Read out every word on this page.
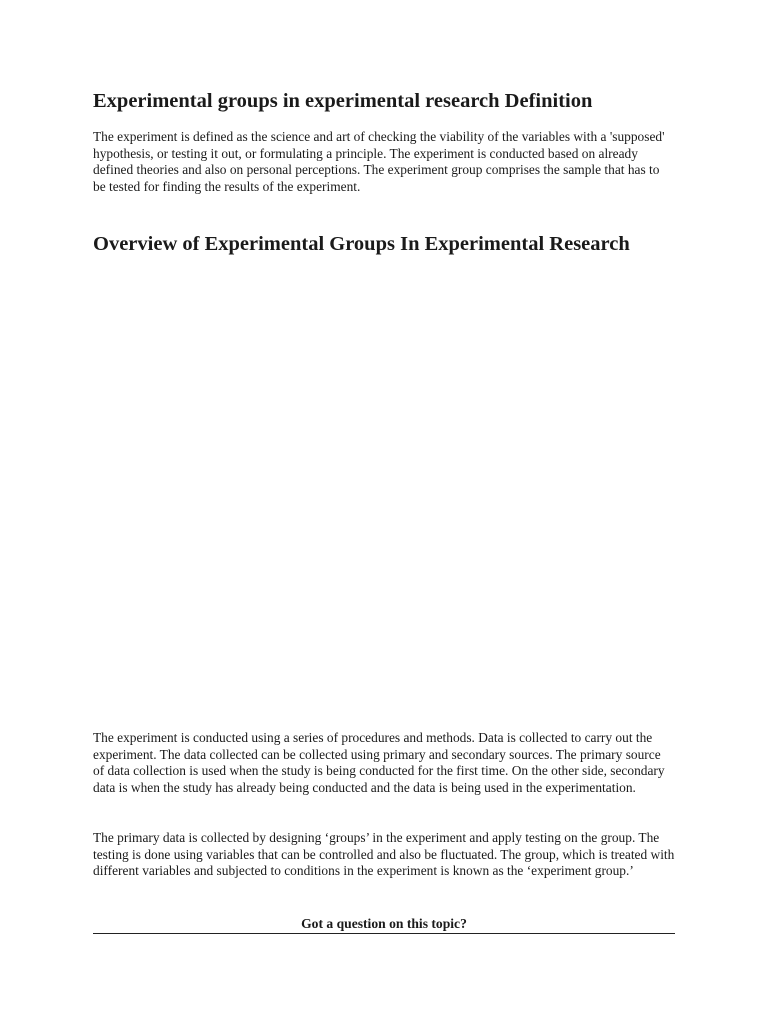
Experimental groups in experimental research Definition

The experiment is defined as the science and art of checking the viability of the variables with a 'supposed' hypothesis, or testing it out, or formulating a principle. The experiment is conducted based on already defined theories and also on personal perceptions. The experiment group comprises the sample that has to be tested for finding the results of the experiment.

Overview of Experimental Groups In Experimental Research

The experiment is conducted using a series of procedures and methods. Data is collected to carry out the experiment. The data collected can be collected using primary and secondary sources. The primary source of data collection is used when the study is being conducted for the first time. On the other side, secondary data is when the study has already being conducted and the data is being used in the experimentation.

The primary data is collected by designing ‘groups’ in the experiment and apply testing on the group. The testing is done using variables that can be controlled and also be fluctuated. The group, which is treated with different variables and subjected to conditions in the experiment is known as the ‘experiment group.’

Got a question on this topic?
